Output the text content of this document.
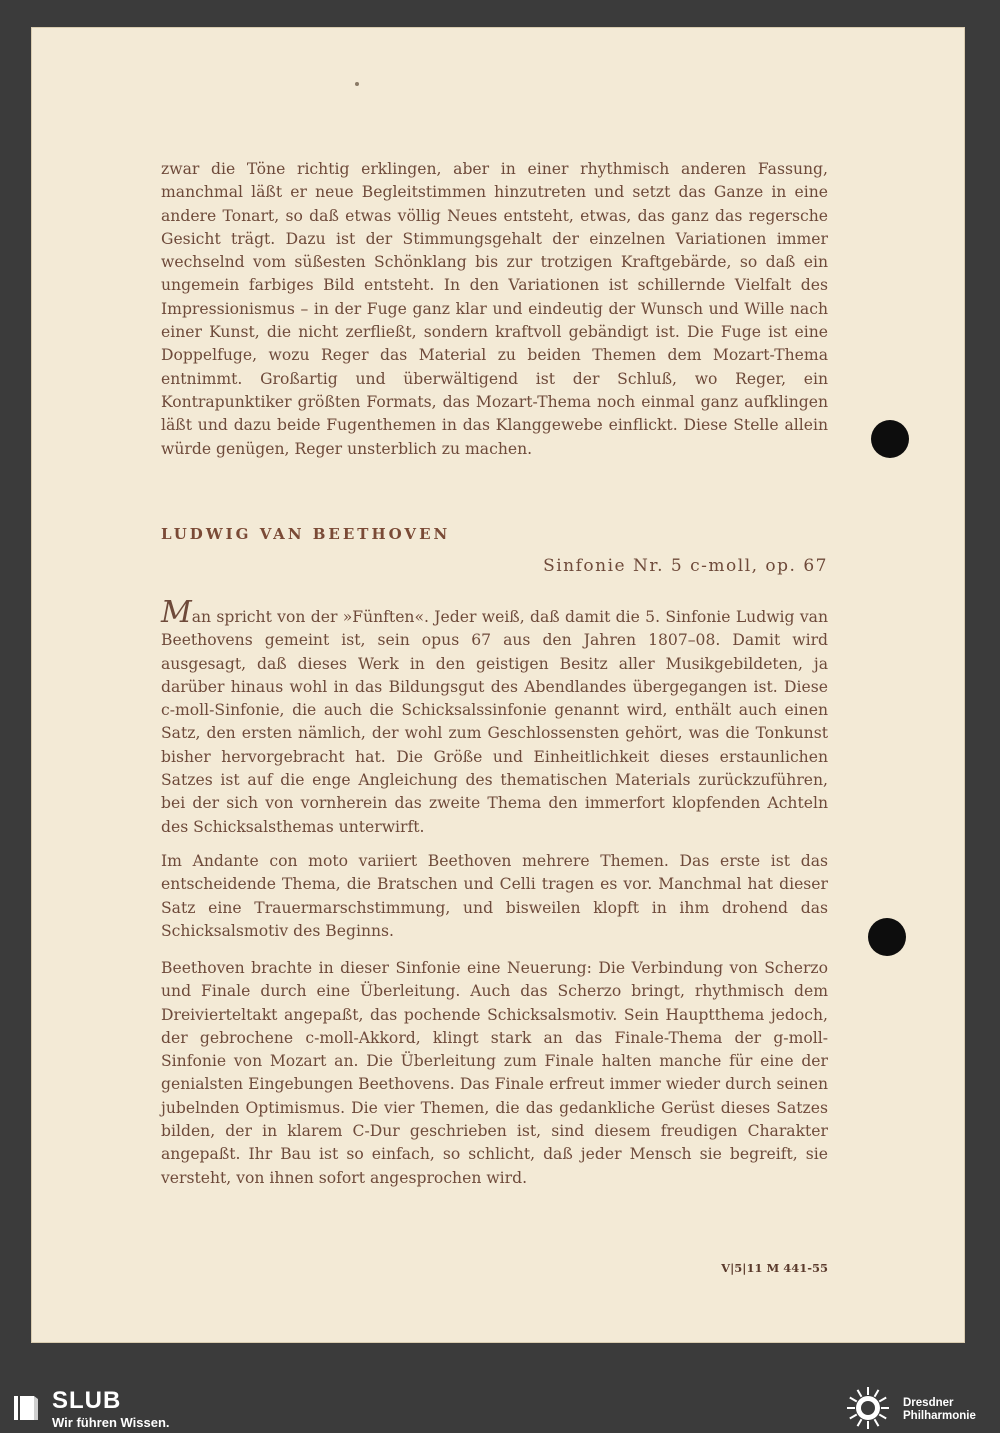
zwar die Töne richtig erklingen, aber in einer rhythmisch anderen Fassung, manchmal läßt er neue Begleitstimmen hinzutreten und setzt das Ganze in eine andere Tonart, so daß etwas völlig Neues entsteht, etwas, das ganz das regersche Gesicht trägt. Dazu ist der Stimmungsgehalt der einzelnen Variationen immer wechselnd vom süßesten Schönklang bis zur trotzigen Kraftgebärde, so daß ein ungemein farbiges Bild entsteht. In den Variationen ist schillernde Vielfalt des Impressionismus – in der Fuge ganz klar und eindeutig der Wunsch und Wille nach einer Kunst, die nicht zerfließt, sondern kraftvoll gebändigt ist. Die Fuge ist eine Doppelfuge, wozu Reger das Material zu beiden Themen dem Mozart-Thema entnimmt. Großartig und überwältigend ist der Schluß, wo Reger, ein Kontrapunktiker größten Formats, das Mozart-Thema noch einmal ganz aufklingen läßt und dazu beide Fugenthemen in das Klanggewebe einflickt. Diese Stelle allein würde genügen, Reger unsterblich zu machen.
LUDWIG VAN BEETHOVEN
Sinfonie Nr. 5 c-moll, op. 67
Man spricht von der »Fünften«. Jeder weiß, daß damit die 5. Sinfonie Ludwig van Beethovens gemeint ist, sein opus 67 aus den Jahren 1807–08. Damit wird ausgesagt, daß dieses Werk in den geistigen Besitz aller Musikgebildeten, ja darüber hinaus wohl in das Bildungsgut des Abendlandes übergegangen ist. Diese c-moll-Sinfonie, die auch die Schicksalssinfonie genannt wird, enthält auch einen Satz, den ersten nämlich, der wohl zum Geschlossensten gehört, was die Tonkunst bisher hervorgebracht hat. Die Größe und Einheitlichkeit dieses erstaunlichen Satzes ist auf die enge Angleichung des thematischen Materials zurückzuführen, bei der sich von vornherein das zweite Thema den immerfort klopfenden Achteln des Schicksalsthemas unterwirft.
Im Andante con moto variiert Beethoven mehrere Themen. Das erste ist das entscheidende Thema, die Bratschen und Celli tragen es vor. Manchmal hat dieser Satz eine Trauermarschstimmung, und bisweilen klopft in ihm drohend das Schicksalsmotiv des Beginns.
Beethoven brachte in dieser Sinfonie eine Neuerung: Die Verbindung von Scherzo und Finale durch eine Überleitung. Auch das Scherzo bringt, rhythmisch dem Dreivierteltakt angepaßt, das pochende Schicksalsmotiv. Sein Hauptthema jedoch, der gebrochene c-moll-Akkord, klingt stark an das Finale-Thema der g-moll-Sinfonie von Mozart an. Die Überleitung zum Finale halten manche für eine der genialsten Eingebungen Beethovens. Das Finale erfreut immer wieder durch seinen jubelnden Optimismus. Die vier Themen, die das gedankliche Gerüst dieses Satzes bilden, der in klarem C-Dur geschrieben ist, sind diesem freudigen Charakter angepaßt. Ihr Bau ist so einfach, so schlicht, daß jeder Mensch sie begreift, sie versteht, von ihnen sofort angesprochen wird.
V|5|11 M 441-55
SLUB
Wir führen Wissen.
Dresdner
Philharmonie
